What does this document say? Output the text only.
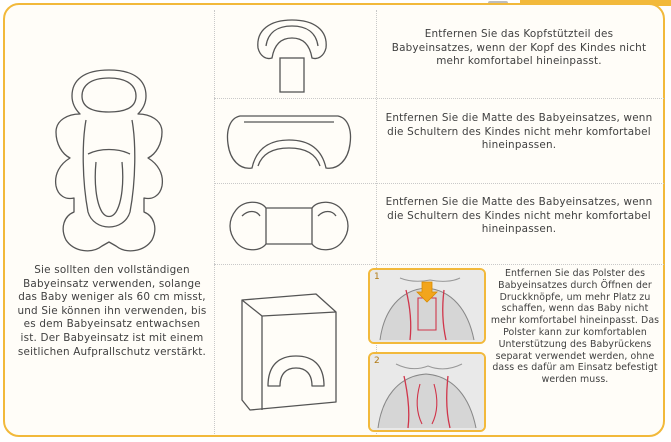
Sie sollten den vollständigen Babyeinsatz verwenden, solange das Baby weniger als 60 cm misst, und Sie können ihn verwenden, bis es dem Babyeinsatz entwachsen ist. Der Babyeinsatz ist mit einem seitlichen Aufprallschutz verstärkt.
Entfernen Sie das Kopfstützteil des Babyeinsatzes, wenn der Kopf des Kindes nicht mehr komfortabel hineinpasst.
Entfernen Sie die Matte des Babyeinsatzes, wenn die Schultern des Kindes nicht mehr komfortabel hineinpassen.
Entfernen Sie die Matte des Babyeinsatzes, wenn die Schultern des Kindes nicht mehr komfortabel hineinpassen.
1
2
Entfernen Sie das Polster des Babyeinsatzes durch Öffnen der Druckknöpfe, um mehr Platz zu schaffen, wenn das Baby nicht mehr komfortabel hineinpasst. Das Polster kann zur komfortablen Unterstützung des Babyrückens separat verwendet werden, ohne dass es dafür am Einsatz befestigt werden muss.
